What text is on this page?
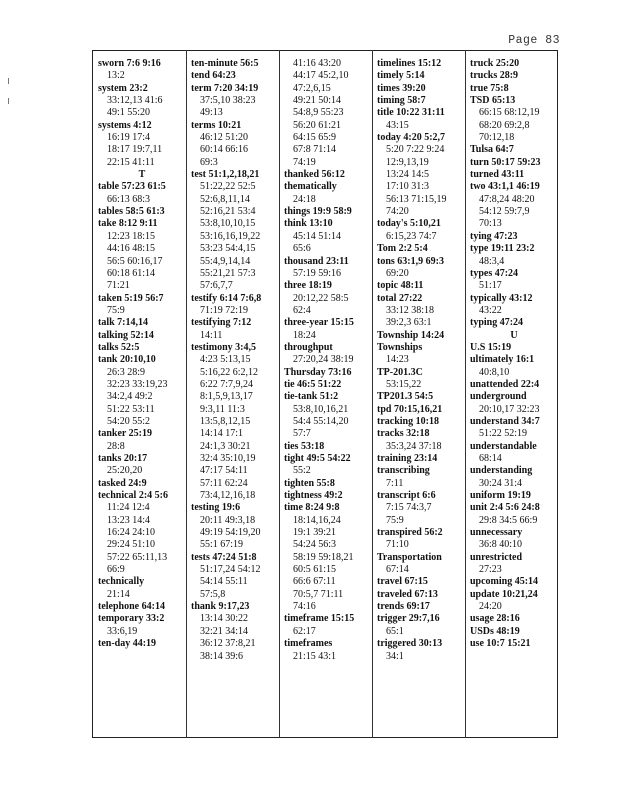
Page 83
sworn 7:6 9:16
13:2
system 23:2
33:12,13 41:6
49:1 55:20
systems 4:12
16:19 17:4
18:17 19:7,11
22:15 41:11
T
table 57:23 61:5
66:13 68:3
tables 58:5 61:3
take 8:12 9:11
12:23 18:15
44:16 48:15
56:5 60:16,17
60:18 61:14
71:21
taken 5:19 56:7
75:9
talk 7:14,14
talking 52:14
talks 52:5
tank 20:10,10
26:3 28:9
32:23 33:19,23
34:2,4 49:2
51:22 53:11
54:20 55:2
tanker 25:19
28:8
tanks 20:17
25:20,20
tasked 24:9
technical 2:4 5:6
11:24 12:4
13:23 14:4
16:24 24:10
29:24 51:10
57:22 65:11,13
66:9
technically
21:14
telephone 64:14
temporary 33:2
33:6,19
ten-day 44:19
ten-minute 56:5
tend 64:23
term 7:20 34:19
37:5,10 38:23
49:13
terms 10:21
46:12 51:20
60:14 66:16
69:3
test 51:1,2,18,21
51:22,22 52:5
52:6,8,11,14
52:16,21 53:4
53:8,10,10,15
53:16,16,19,22
53:23 54:4,15
55:4,9,14,14
55:21,21 57:3
57:6,7,7
testify 6:14 7:6,8
71:19 72:19
testifying 7:12
14:11
testimony 3:4,5
4:23 5:13,15
5:16,22 6:2,12
6:22 7:7,9,24
8:1,5,9,13,17
9:3,11 11:3
13:5,8,12,15
14:14 17:1
24:1,3 30:21
32:4 35:10,19
47:17 54:11
57:11 62:24
73:4,12,16,18
testing 19:6
20:11 49:3,18
49:19 54:19,20
55:1 67:19
tests 47:24 51:8
51:17,24 54:12
54:14 55:11
57:5,8
thank 9:17,23
13:14 30:22
32:21 34:14
36:12 37:8,21
38:14 39:6
41:16 43:20
44:17 45:2,10
47:2,6,15
49:21 50:14
54:8,9 55:23
56:20 61:21
64:15 65:9
67:8 71:14
74:19
thanked 56:12
thematically
24:18
things 19:9 58:9
think 13:10
45:14 51:14
65:6
thousand 23:11
57:19 59:16
three 18:19
20:12,22 58:5
62:4
three-year 15:15
18:24
throughput
27:20,24 38:19
Thursday 73:16
tie 46:5 51:22
tie-tank 51:2
53:8,10,16,21
54:4 55:14,20
57:7
ties 53:18
tight 49:5 54:22
55:2
tighten 55:8
tightness 49:2
time 8:24 9:8
18:14,16,24
19:1 39:21
54:24 56:3
58:19 59:18,21
60:5 61:15
66:6 67:11
70:5,7 71:11
74:16
timeframe 15:15
62:17
timeframes
21:15 43:1
timelines 15:12
timely 5:14
times 39:20
timing 58:7
title 10:22 31:11
43:15
today 4:20 5:2,7
5:20 7:22 9:24
12:9,13,19
13:24 14:5
17:10 31:3
56:13 71:15,19
74:20
today's 5:10,21
6:15,23 74:7
Tom 2:2 5:4
tons 63:1,9 69:3
69:20
topic 48:11
total 27:22
33:12 38:18
39:2,3 63:1
Township 14:24
Townships
14:23
TP-201.3C
53:15,22
TP201.3 54:5
tpd 70:15,16,21
tracking 10:18
tracks 32:18
35:3,24 37:18
training 23:14
transcribing
7:11
transcript 6:6
7:15 74:3,7
75:9
transpired 56:2
71:10
Transportation
67:14
travel 67:15
traveled 67:13
trends 69:17
trigger 29:7,16
65:1
triggered 30:13
34:1
truck 25:20
trucks 28:9
true 75:8
TSD 65:13
66:15 68:12,19
68:20 69:2,8
70:12,18
Tulsa 64:7
turn 50:17 59:23
turned 43:11
two 43:1,1 46:19
47:8,24 48:20
54:12 59:7,9
70:13
tying 47:23
type 19:11 23:2
48:3,4
types 47:24
51:17
typically 43:12
43:22
typing 47:24
U
U.S 15:19
ultimately 16:1
40:8,10
unattended 22:4
underground
20:10,17 32:23
understand 34:7
51:22 52:19
understandable
68:14
understanding
30:24 31:4
uniform 19:19
unit 2:4 5:6 24:8
29:8 34:5 66:9
unnecessary
36:8 40:10
unrestricted
27:23
upcoming 45:14
update 10:21,24
24:20
usage 28:16
USDs 48:19
use 10:7 15:21
